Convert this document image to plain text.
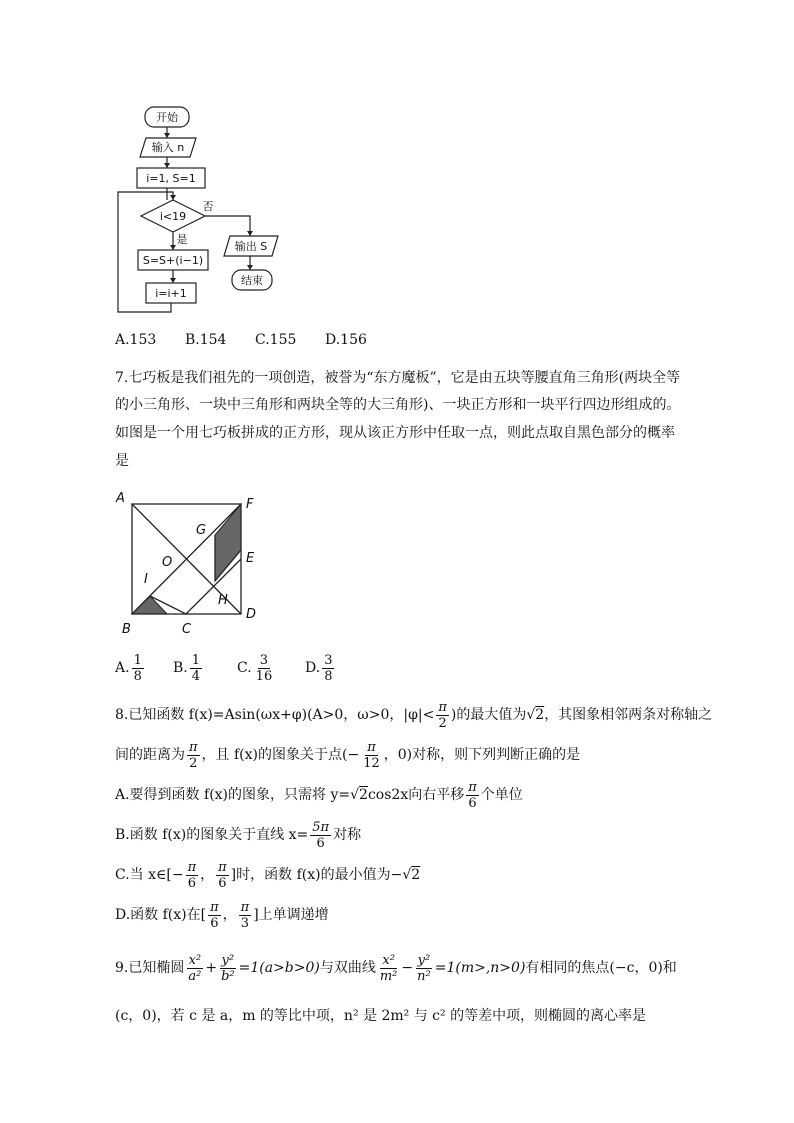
开始
输入 n
i=1, S=1
i<19
否
是
S=S+(i−1)
i=i+1
输出 S
结束
A.153 B.154 C.155 D.156
7.七巧板是我们祖先的一项创造，被誉为“东方魔板”，它是由五块等腰直角三角形(两块全等
的小三角形、一块中三角形和两块全等的大三角形)、一块正方形和一块平行四边形组成的。
如图是一个用七巧板拼成的正方形，现从该正方形中任取一点，则此点取自黑色部分的概率
是
A	F
G
O	E
I
H
B	C
D
A. $\frac{1}{8} B$. $\frac{1}{4} C$. $\frac{3}{16} D$. $\frac{3}{8}$
8.已知函数 f(x)=Asin(ωx+φ)(A>0，ω>0，$|\varphi|< \frac{\pi}{2}$ )的最大值为√2，其图象相邻两条对称轴之
间的距离为 $\frac{\pi}{2}$ ，且 f(x)的图象关于点(− $\frac{\pi}{12}$ ，0)对称，则下列判断正确的是
A.要得到函数 f(x)的图象，只需将 y=√2cos2x向右平移 $\frac{\pi}{6}$ 个单位
B.函数 f(x)的图象关于直线 $x= \frac{5\pi}{6}$ 对称
C.当 x∈[− $\frac{\pi}{6}$ ， $\frac{\pi}{6}$ ]时，函数 f(x)的最小值为−√2
D.函数 f(x)在[ $\frac{\pi}{6}$ ， $\frac{\pi}{3}$ ]上单调递增
9.已知椭圆 $\frac{\text{x²}}{\text{a²}} + \frac{\text{y²}}{\text{b²}} =1(a>b>0)$与双曲线 $\frac{\text{x²}}{\text{m²}} - \frac{\text{y²}}{\text{n²}} =1(m>,n>0)$有相同的焦点(−c，0)和
(c，0)，若 c 是 a，m 的等比中项，n² 是 2m² 与 c² 的等差中项，则椭圆的离心率是
